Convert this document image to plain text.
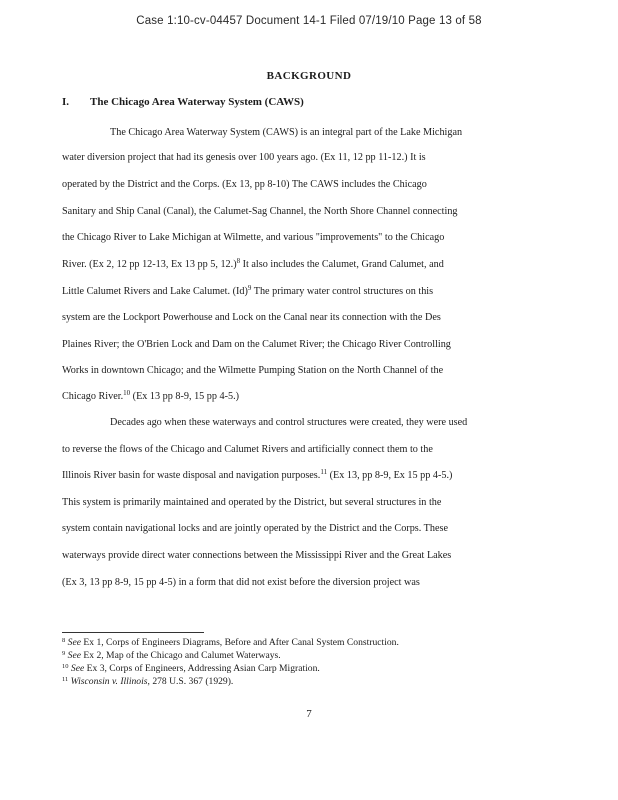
Case 1:10-cv-04457 Document 14-1 Filed 07/19/10 Page 13 of 58
BACKGROUND
I. The Chicago Area Waterway System (CAWS)
The Chicago Area Waterway System (CAWS) is an integral part of the Lake Michigan
water diversion project that had its genesis over 100 years ago. (Ex 11, 12 pp 11-12.) It is
operated by the District and the Corps. (Ex 13, pp 8-10) The CAWS includes the Chicago
Sanitary and Ship Canal (Canal), the Calumet-Sag Channel, the North Shore Channel connecting
the Chicago River to Lake Michigan at Wilmette, and various "improvements" to the Chicago
River. (Ex 2, 12 pp 12-13, Ex 13 pp 5, 12.)$^8$ It also includes the Calumet, Grand Calumet, and
Little Calumet Rivers and Lake Calumet. $(Id)^9$ The primary water control structures on this
system are the Lockport Powerhouse and Lock on the Canal near its connection with the Des
Plaines River; the O'Brien Lock and Dam on the Calumet River; the Chicago River Controlling
Works in downtown Chicago; and the Wilmette Pumping Station on the North Channel of the
Chicago River.$^{10}$ (Ex 13 pp 8-9, 15 pp 4-5.)
Decades ago when these waterways and control structures were created, they were used
to reverse the flows of the Chicago and Calumet Rivers and artificially connect them to the
Illinois River basin for waste disposal and navigation purposes.$^{11}$ (Ex 13, pp 8-9, Ex 15 pp 4-5.)
This system is primarily maintained and operated by the District, but several structures in the
system contain navigational locks and are jointly operated by the District and the Corps. These
waterways provide direct water connections between the Mississippi River and the Great Lakes
(Ex 3, 13 pp 8-9, 15 pp 4-5) in a form that did not exist before the diversion project was
$^8$ See Ex 1, Corps of Engineers Diagrams, Before and After Canal System Construction.
$^9$ See Ex 2, Map of the Chicago and Calumet Waterways.
$^{10}$ See Ex 3, Corps of Engineers, Addressing Asian Carp Migration.
$^{11}$ Wisconsin v. Illinois, 278 U.S. 367 (1929).
7
